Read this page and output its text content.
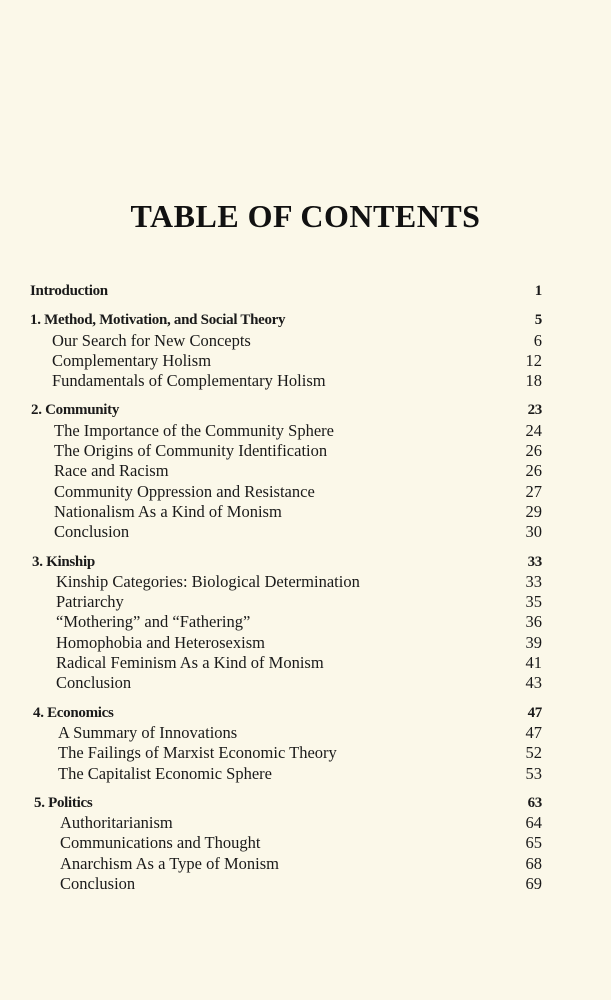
TABLE OF CONTENTS
Introduction	1
1. Method, Motivation, and Social Theory	5
Our Search for New Concepts	6
Complementary Holism	12
Fundamentals of Complementary Holism	18
2. Community	23
The Importance of the Community Sphere	24
The Origins of Community Identification	26
Race and Racism	26
Community Oppression and Resistance	27
Nationalism As a Kind of Monism	29
Conclusion	30
3. Kinship	33
Kinship Categories: Biological Determination	33
Patriarchy	35
“Mothering” and “Fathering”	36
Homophobia and Heterosexism	39
Radical Feminism As a Kind of Monism	41
Conclusion	43
4. Economics	47
A Summary of Innovations	47
The Failings of Marxist Economic Theory	52
The Capitalist Economic Sphere	53
5. Politics	63
Authoritarianism	64
Communications and Thought	65
Anarchism As a Type of Monism	68
Conclusion	69
